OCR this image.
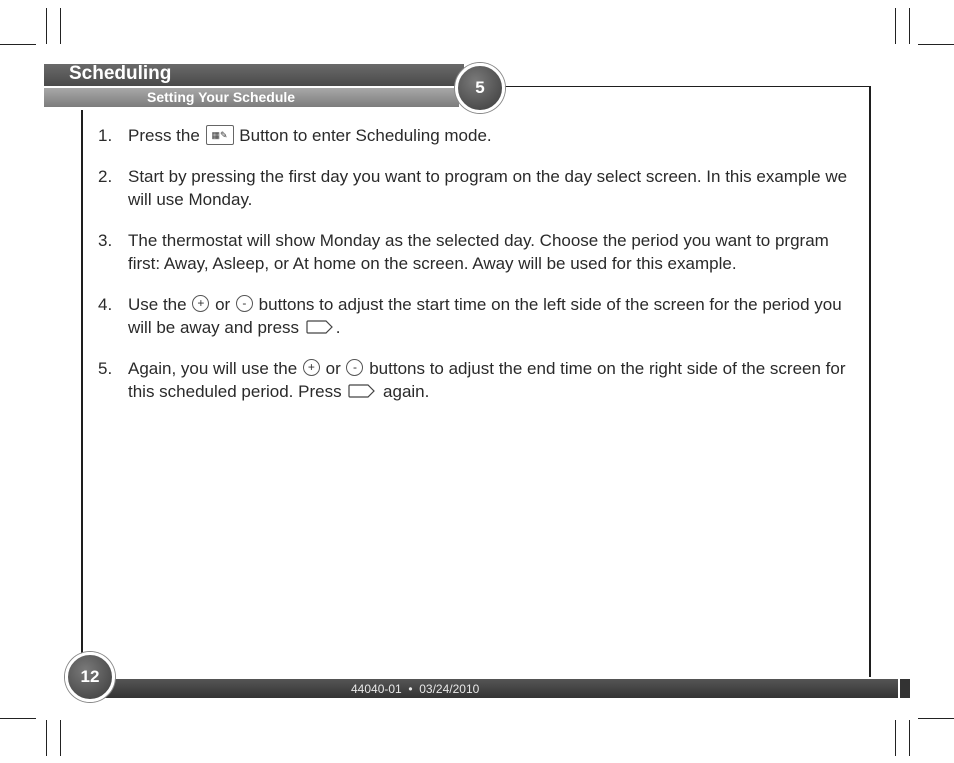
Scheduling
Setting Your Schedule	5
1. Press the ▦✎ Button to enter Scheduling mode.
2. Start by pressing the first day you want to program on the day select screen. In this example we will use Monday.
3. The thermostat will show Monday as the selected day. Choose the period you want to prgram first: Away, Asleep, or At home on the screen. Away will be used for this example.
4. Use the + or - buttons to adjust the start time on the left side of the screen for the period you will be away and press .
5. Again, you will use the + or - buttons to adjust the end time on the right side of the screen for this scheduled period. Press again.
44040-01  •  03/24/2010
12
